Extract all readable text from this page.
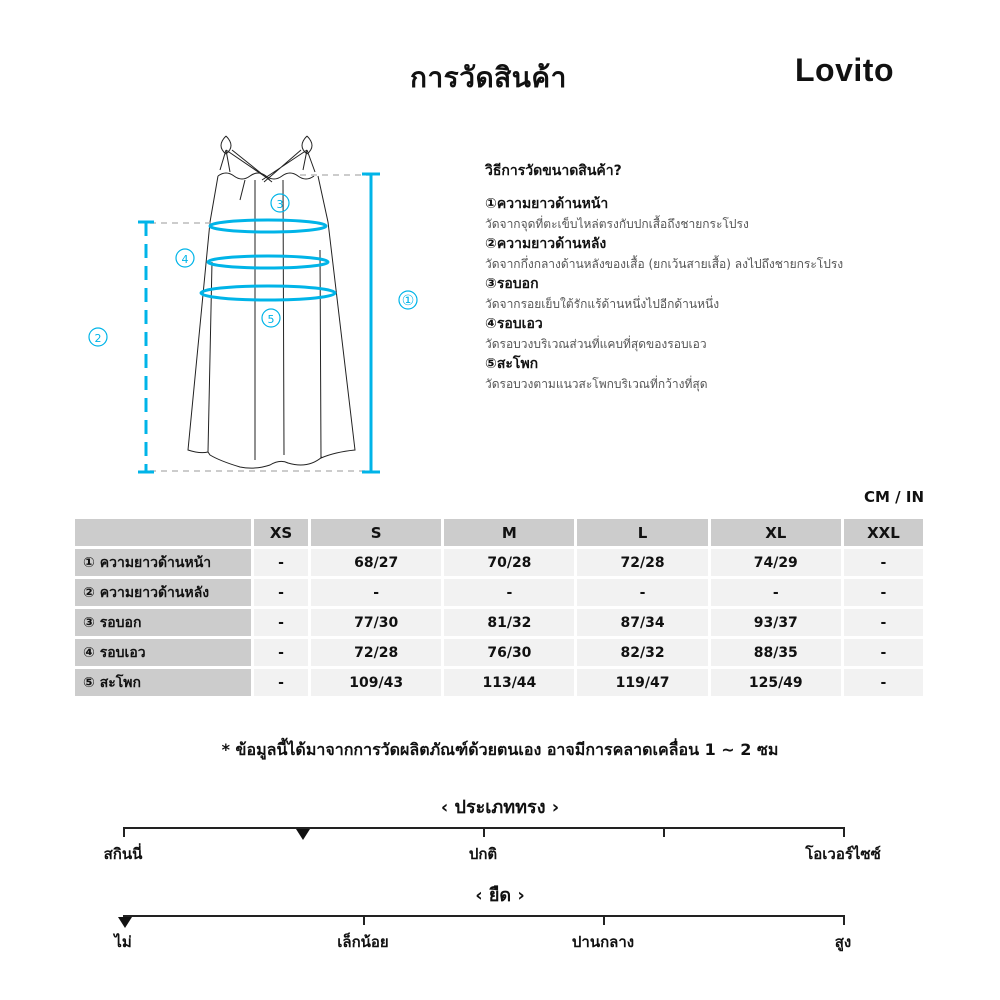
การวัดสินค้า	Lovito
①
2
3
4
5
วิธีการวัดขนาดสินค้า?
①ความยาวด้านหน้า
วัดจากจุดที่ตะเข็บไหล่ตรงกับปกเสื้อถึงชายกระโปรง
②ความยาวด้านหลัง
วัดจากกึ่งกลางด้านหลังของเสื้อ (ยกเว้นสายเสื้อ) ลงไปถึงชายกระโปรง
③รอบอก
วัดจากรอยเย็บใต้รักแร้ด้านหนึ่งไปอีกด้านหนึ่ง
④รอบเอว
วัดรอบวงบริเวณส่วนที่แคบที่สุดของรอบเอว
⑤สะโพก
วัดรอบวงตามแนวสะโพกบริเวณที่กว้างที่สุด
CM / IN
	XS	S	M	L	XL	XXL
① ความยาวด้านหน้า	-	68/27	70/28	72/28	74/29	-
② ความยาวด้านหลัง	-	-	-	-	-	-
③ รอบอก	-	77/30	81/32	87/34	93/37	-
④ รอบเอว	-	72/28	76/30	82/32	88/35	-
⑤ สะโพก	-	109/43	113/44	119/47	125/49	-
* ข้อมูลนี้ได้มาจากการวัดผลิตภัณฑ์ด้วยตนเอง อาจมีการคลาดเคลื่อน 1 ~ 2 ซม
‹ ประเภททรง ›
สกินนี่	ปกติ	โอเวอร์ไซซ์
‹ ยืด ›
ไม่	เล็กน้อย	ปานกลาง	สูง
